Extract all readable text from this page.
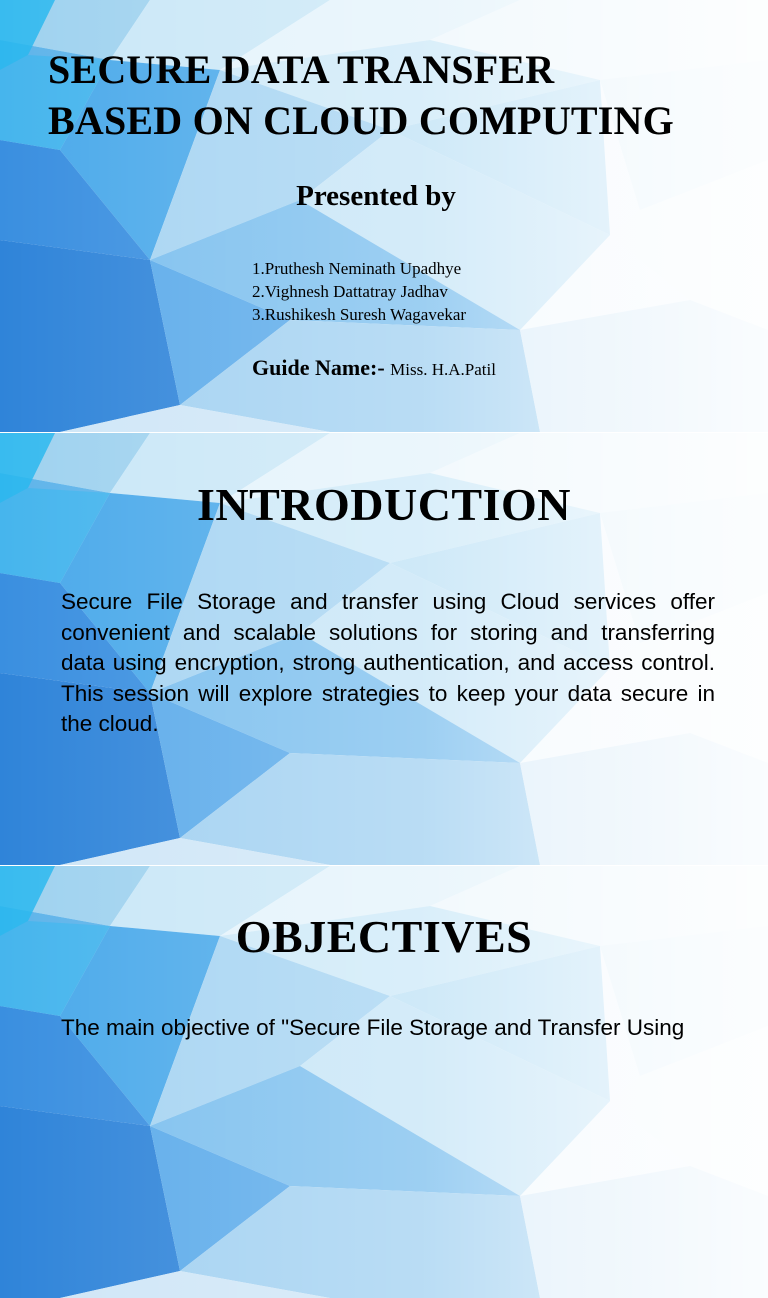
SECURE DATA TRANSFER
BASED ON CLOUD COMPUTING
Presented by
1.Pruthesh Neminath Upadhye
2.Vighnesh Dattatray Jadhav
3.Rushikesh Suresh Wagavekar
Guide Name:- Miss. H.A.Patil
INTRODUCTION
Secure File Storage and transfer using Cloud services offer convenient and scalable solutions for storing and transferring data using encryption, strong authentication, and access control. This session will explore strategies to keep your data secure in the cloud.
OBJECTIVES
The main objective of "Secure File Storage and Transfer Using
